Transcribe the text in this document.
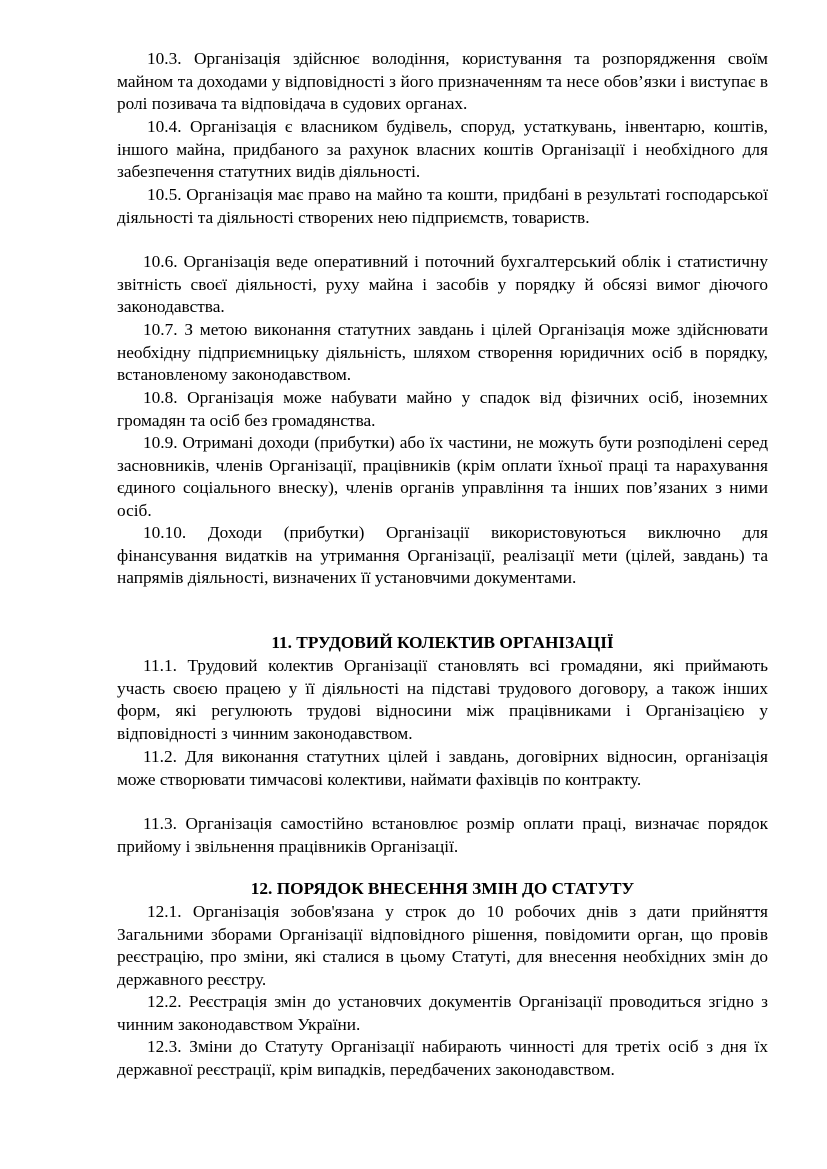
10.3. Організація здійснює володіння, користування та розпорядження своїм майном та доходами у відповідності з його призначенням та несе обов’язки і виступає в ролі позивача та відповідача в судових органах.

10.4. Організація є власником будівель, споруд, устаткувань, інвентарю, коштів, іншого майна, придбаного за рахунок власних коштів Організації і необхідного для забезпечення статутних видів діяльності.

10.5. Організація має право на майно та кошти, придбані в результаті господарської діяльності та діяльності створених нею підприємств, товариств.

10.6. Організація веде оперативний і поточний бухгалтерський облік і статистичну звітність своєї діяльності, руху майна і засобів у порядку й обсязі вимог діючого законодавства.

10.7. З метою виконання статутних завдань і цілей Організація може здійснювати необхідну підприємницьку діяльність, шляхом створення юридичних осіб в порядку, встановленому законодавством.

10.8. Організація може набувати майно у спадок від фізичних осіб, іноземних громадян та осіб без громадянства.

10.9. Отримані доходи (прибутки) або їх частини, не можуть бути розподілені серед засновників, членів Організації, працівників (крім оплати їхньої праці та нарахування єдиного соціального внеску), членів органів управління та інших пов’язаних з ними осіб.

10.10. Доходи (прибутки) Організації використовуються виключно для фінансування видатків на утримання Організації, реалізації мети (цілей, завдань) та напрямів діяльності, визначених її установчими документами.

11. ТРУДОВИЙ КОЛЕКТИВ ОРГАНІЗАЦІЇ

11.1. Трудовий колектив Організації становлять всі громадяни, які приймають участь своєю працею у її діяльності на підставі трудового договору, а також інших форм, які регулюють трудові відносини між працівниками і Організацією у відповідності з чинним законодавством.

11.2. Для виконання статутних цілей і завдань, договірних відносин, організація може створювати тимчасові колективи, наймати фахівців по контракту.

11.3. Організація самостійно встановлює розмір оплати праці, визначає порядок прийому і звільнення працівників Організації.

12. ПОРЯДОК ВНЕСЕННЯ ЗМІН ДО СТАТУТУ

12.1. Організація зобов'язана у строк до 10 робочих днів з дати прийняття Загальними зборами Організації відповідного рішення, повідомити орган, що провів реєстрацію, про зміни, які сталися в цьому Статуті, для внесення необхідних змін до державного реєстру.

12.2. Реєстрація змін до установчих документів Організації проводиться згідно з чинним законодавством України.

12.3. Зміни до Статуту Організації набирають чинності для третіх осіб з дня їх державної реєстрації, крім випадків, передбачених законодавством.
